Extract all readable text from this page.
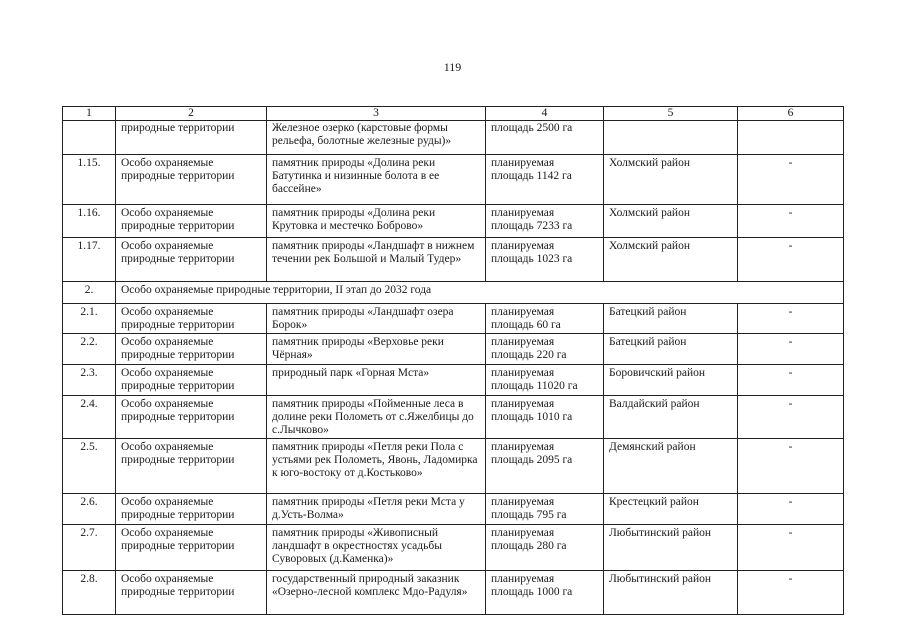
119
1	2	3	4	5	6
	природные территории	Железное озерко (карстовые формы рельефа, болотные железные руды)»	площадь 2500 га		
1.15.	Особо охраняемые природные территории	памятник природы «Долина реки Батутинка и низинные болота в ее бассейне»	планируемая площадь 1142 га	Холмский район	-
1.16.	Особо охраняемые природные территории	памятник природы «Долина реки Крутовка и местечко Боброво»	планируемая площадь 7233 га	Холмский район	-
1.17.	Особо охраняемые природные территории	памятник природы «Ландшафт в нижнем течении рек Большой и Малый Тудер»	планируемая площадь 1023 га	Холмский район	-
2.	Особо охраняемые природные территории, II этап до 2032 года				
2.1.	Особо охраняемые природные территории	памятник природы «Ландшафт озера Борок»	планируемая площадь 60 га	Батецкий район	-
2.2.	Особо охраняемые природные территории	памятник природы «Верховье реки Чёрная»	планируемая площадь 220 га	Батецкий район	-
2.3.	Особо охраняемые природные территории	природный парк «Горная Мста»	планируемая площадь 11020 га	Боровичский район	-
2.4.	Особо охраняемые природные территории	памятник природы «Пойменные леса в долине реки Полометь от с.Яжелбицы до с.Лычково»	планируемая площадь 1010 га	Валдайский район	-
2.5.	Особо охраняемые природные территории	памятник природы «Петля реки Пола с устьями рек Полометь, Явонь, Ладомирка к юго-востоку от д.Костьково»	планируемая площадь 2095 га	Демянский район	-
2.6.	Особо охраняемые природные территории	памятник природы «Петля реки Мста у д.Усть-Волма»	планируемая площадь 795 га	Крестецкий район	-
2.7.	Особо охраняемые природные территории	памятник природы «Живописный ландшафт в окрестностях усадьбы Суворовых (д.Каменка)»	планируемая площадь 280 га	Любытинский район	-
2.8.	Особо охраняемые природные территории	государственный природный заказник «Озерно-лесной комплекс Мдо-Радуля»	планируемая площадь 1000 га	Любытинский район	-
